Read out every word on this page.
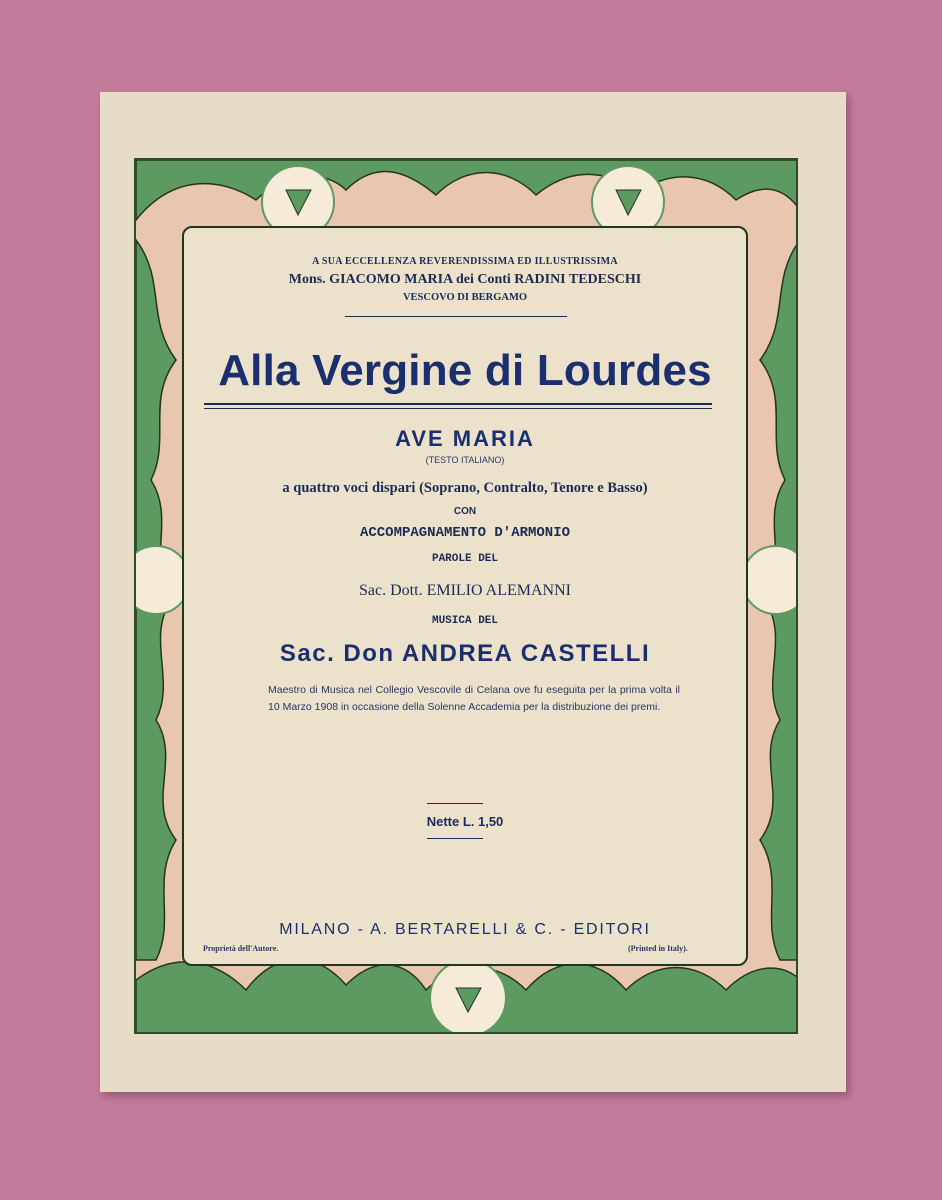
A SUA ECCELLENZA REVERENDISSIMA ED ILLUSTRISSIMA
Mons. GIACOMO MARIA dei Conti RADINI TEDESCHI
VESCOVO DI BERGAMO
Alla Vergine di Lourdes
AVE MARIA
(TESTO ITALIANO)
a quattro voci dispari (Soprano, Contralto, Tenore e Basso)
CON
ACCOMPAGNAMENTO D'ARMONIO
PAROLE DEL
Sac. Dott. EMILIO ALEMANNI
MUSICA DEL
Sac. Don ANDREA CASTELLI
Maestro di Musica nel Collegio Vescovile di Celana ove fu eseguita per la prima volta il 10 Marzo 1908 in occasione della Solenne Accademia per la distribuzione dei premi.
Nette L. 1,50
MILANO - A. BERTARELLI & C. - EDITORI
Proprietà dell'Autore.	(Printed in Italy).
